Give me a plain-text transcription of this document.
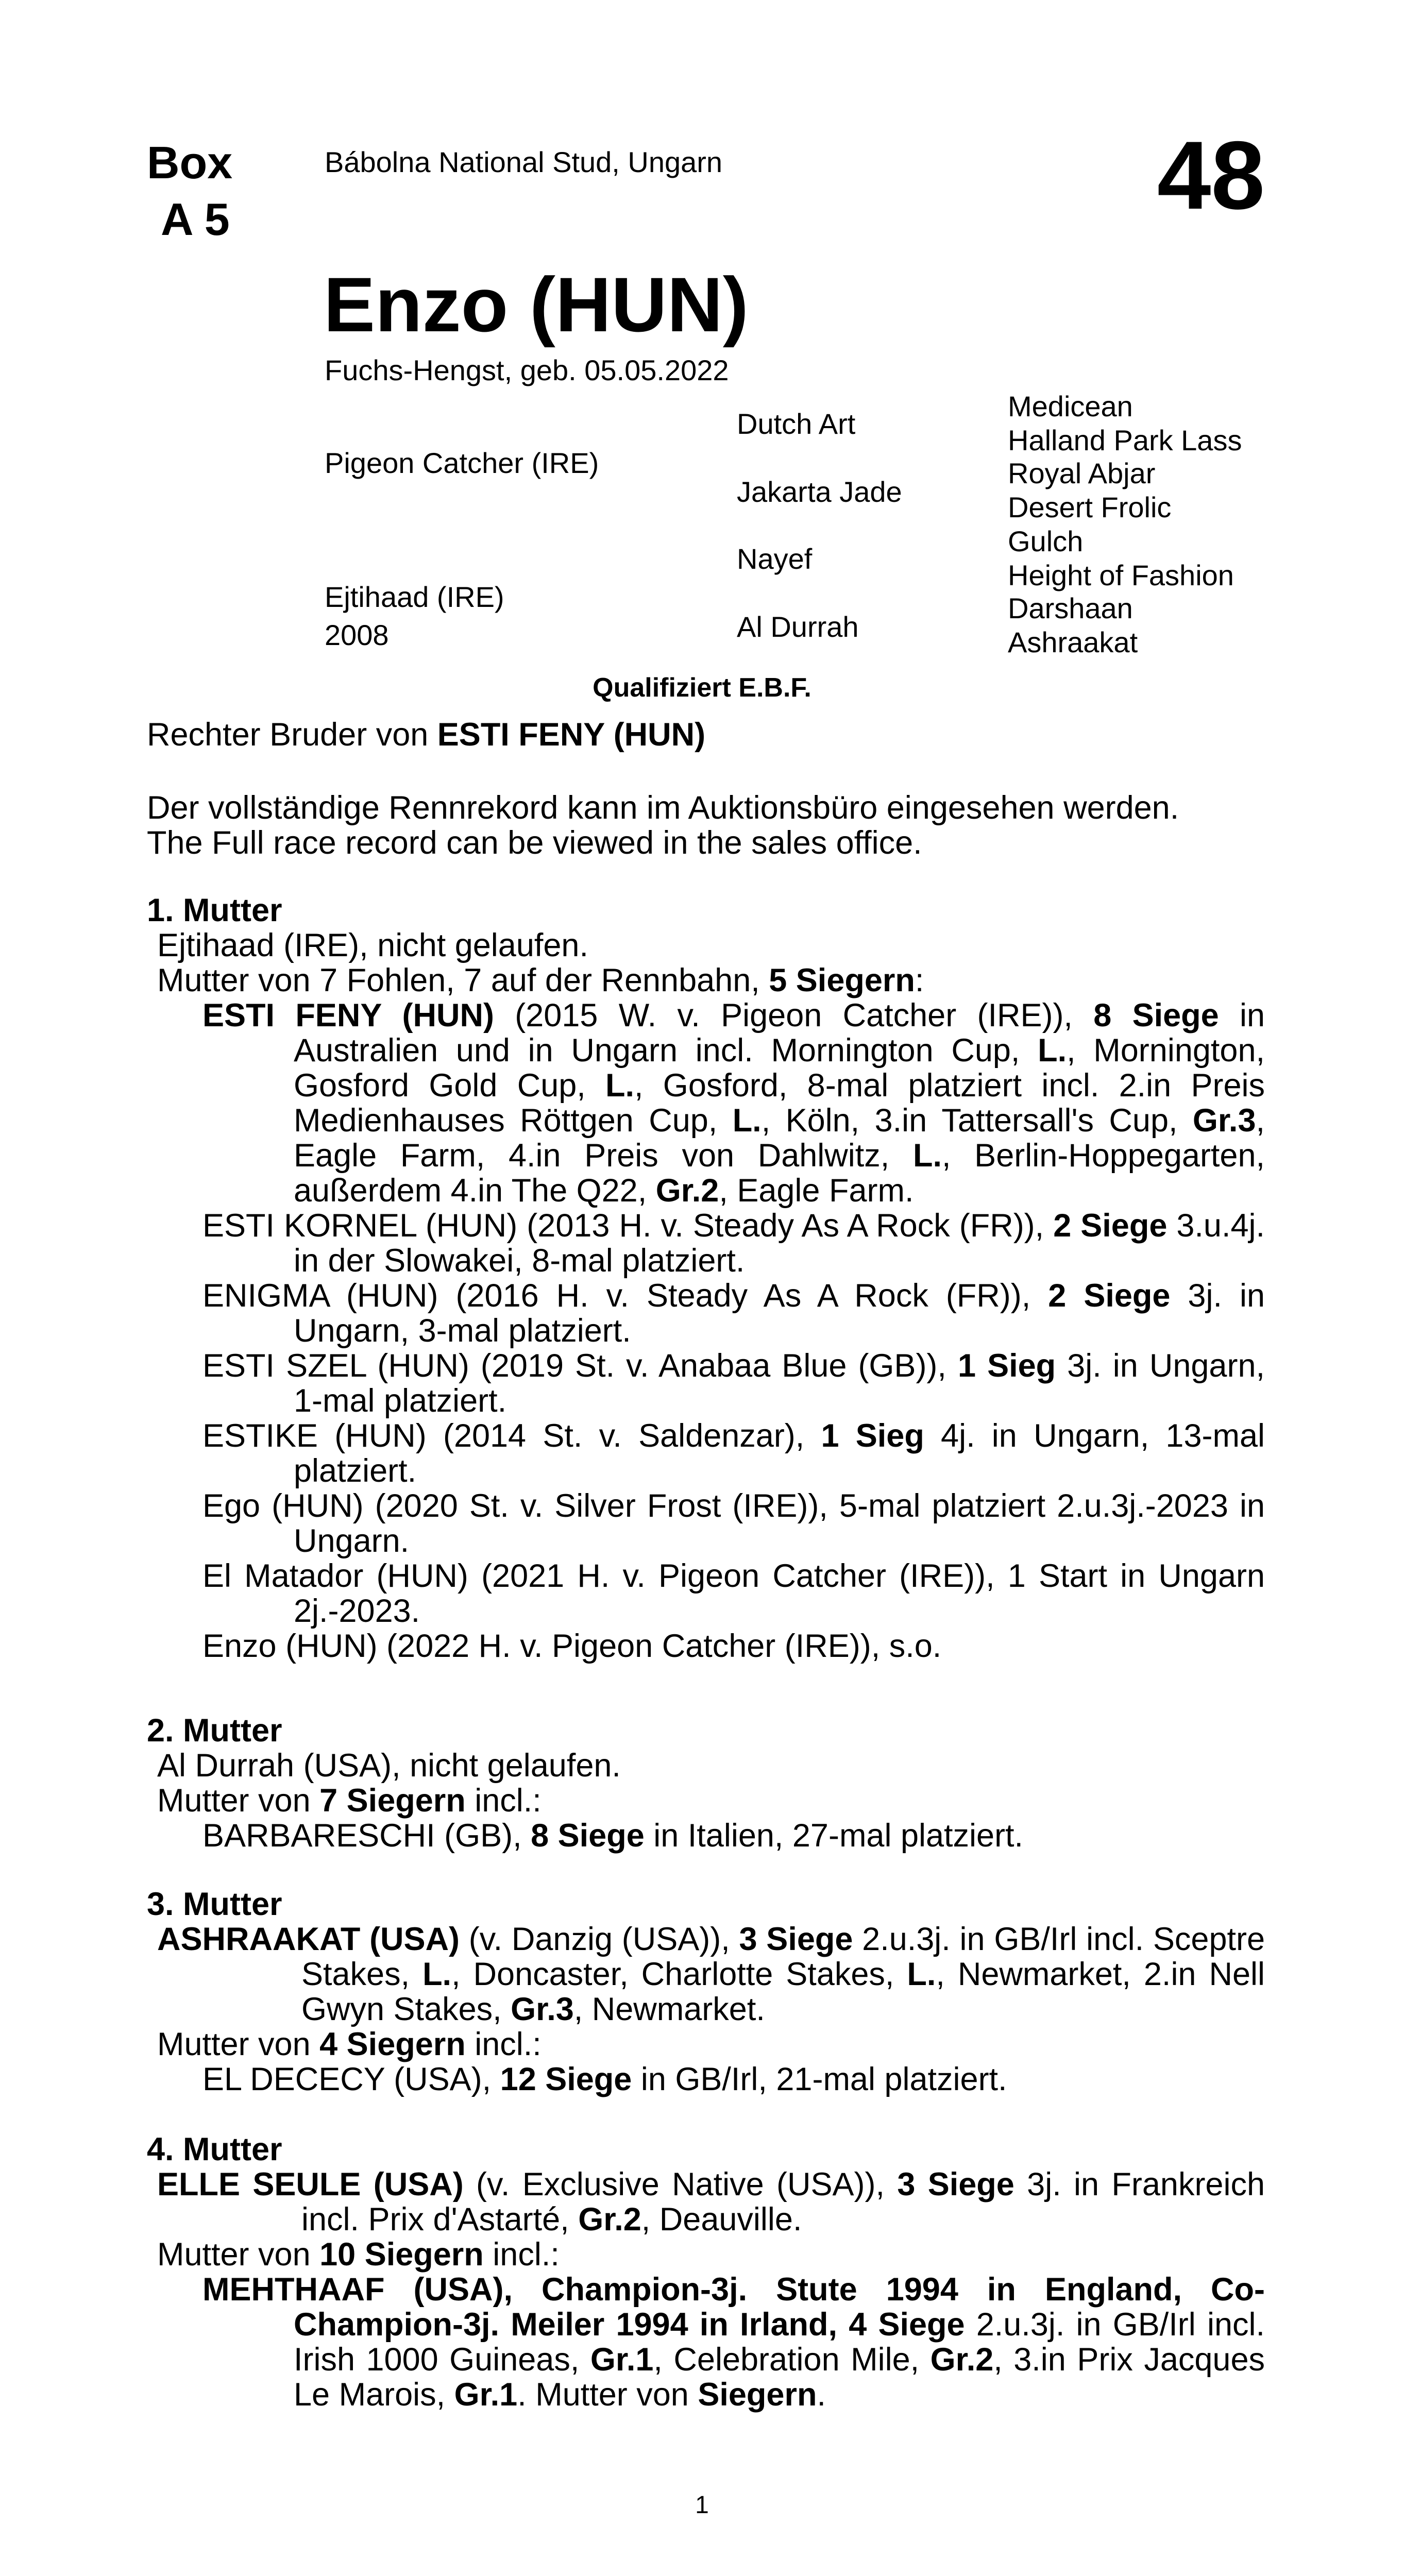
Box
A 5
Bábolna National Stud, Ungarn	48
Enzo (HUN)
Fuchs-Hengst, geb. 05.05.2022
Pigeon Catcher (IRE)
Ejtihaad (IRE)
2008
Dutch Art
Jakarta Jade
Nayef
Al Durrah
Medicean
Halland Park Lass
Royal Abjar
Desert Frolic
Gulch
Height of Fashion
Darshaan
Ashraakat
Qualifiziert E.B.F.

Rechter Bruder von ESTI FENY (HUN)

Der vollständige Rennrekord kann im Auktionsbüro eingesehen werden.

The Full race record can be viewed in the sales office.

1. Mutter

Ejtihaad (IRE), nicht gelaufen.

Mutter von 7 Fohlen, 7 auf der Rennbahn, 5 Siegern:

ESTI FENY (HUN) (2015 W. v. Pigeon Catcher (IRE)), 8 Siege in Australien und in Ungarn incl. Mornington Cup, L., Mornington, Gosford Gold Cup, L., Gosford, 8-mal platziert incl. 2.in Preis Medienhauses Röttgen Cup, L., Köln, 3.in Tattersall's Cup, Gr.3, Eagle Farm, 4.in Preis von Dahlwitz, L., Berlin-Hoppegarten, außerdem 4.in The Q22, Gr.2, Eagle Farm.

ESTI KORNEL (HUN) (2013 H. v. Steady As A Rock (FR)), 2 Siege 3.u.4j. in der Slowakei, 8-mal platziert.

ENIGMA (HUN) (2016 H. v. Steady As A Rock (FR)), 2 Siege 3j. in Ungarn, 3-mal platziert.

ESTI SZEL (HUN) (2019 St. v. Anabaa Blue (GB)), 1 Sieg 3j. in Ungarn, 1-mal platziert.

ESTIKE (HUN) (2014 St. v. Saldenzar), 1 Sieg 4j. in Ungarn, 13-mal platziert.

Ego (HUN) (2020 St. v. Silver Frost (IRE)), 5-mal platziert 2.u.3j.-2023 in Ungarn.

El Matador (HUN) (2021 H. v. Pigeon Catcher (IRE)), 1 Start in Ungarn 2j.-2023.

Enzo (HUN) (2022 H. v. Pigeon Catcher (IRE)), s.o.

2. Mutter

Al Durrah (USA), nicht gelaufen.

Mutter von 7 Siegern incl.:

BARBARESCHI (GB), 8 Siege in Italien, 27-mal platziert.

3. Mutter

ASHRAAKAT (USA) (v. Danzig (USA)), 3 Siege 2.u.3j. in GB/Irl incl. Sceptre Stakes, L., Doncaster, Charlotte Stakes, L., Newmarket, 2.in Nell Gwyn Stakes, Gr.3, Newmarket.

Mutter von 4 Siegern incl.:

EL DECECY (USA), 12 Siege in GB/Irl, 21-mal platziert.

4. Mutter

ELLE SEULE (USA) (v. Exclusive Native (USA)), 3 Siege 3j. in Frankreich incl. Prix d'Astarté, Gr.2, Deauville.

Mutter von 10 Siegern incl.:

MEHTHAAF (USA), Champion-3j. Stute 1994 in England, Co-Champion-3j. Meiler 1994 in Irland, 4 Siege 2.u.3j. in GB/Irl incl. Irish 1000 Guineas, Gr.1, Celebration Mile, Gr.2, 3.in Prix Jacques Le Marois, Gr.1. Mutter von Siegern.

1
